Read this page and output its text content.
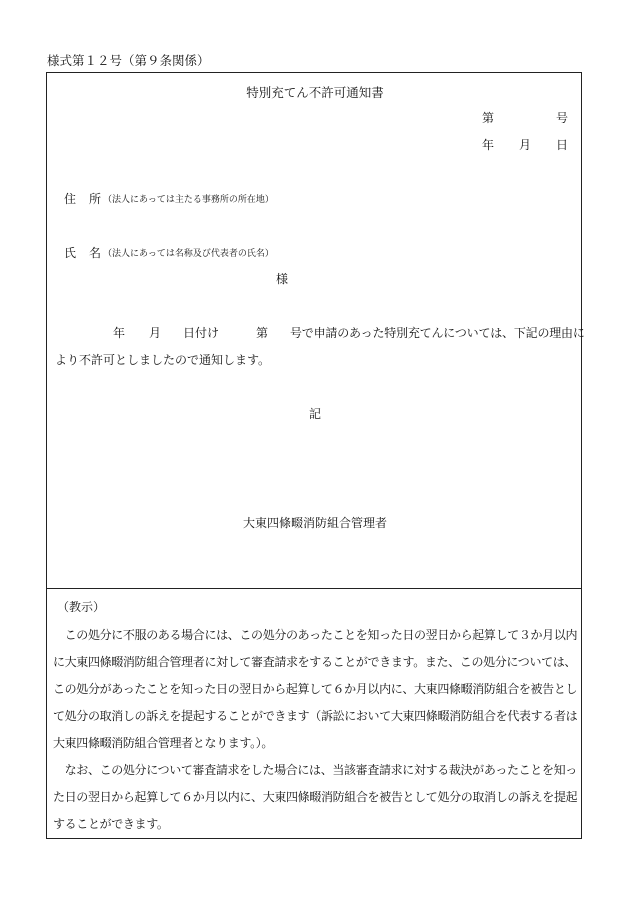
様式第１２号（第９条関係）
特別充てん不許可通知書
第	号
年 月 日
住 所 （法人にあっては主たる事務所の所在地）
氏 名 （法人にあっては名称及び代表者の氏名）
様
年 月 日付け	第 号で申請のあった特別充てんについては、下記の理由に
より不許可としましたので通知します。
記
大東四條畷消防組合管理者
（教示）
　この処分に不服のある場合には、この処分のあったことを知った日の翌日から起算して３か月以内
に大東四條畷消防組合管理者に対して審査請求をすることができます。また、この処分については、
この処分があったことを知った日の翌日から起算して６か月以内に、大東四條畷消防組合を被告とし
て処分の取消しの訴えを提起することができます（訴訟において大東四條畷消防組合を代表する者は
大東四條畷消防組合管理者となります。）。
　なお、この処分について審査請求をした場合には、当該審査請求に対する裁決があったことを知っ
た日の翌日から起算して６か月以内に、大東四條畷消防組合を被告として処分の取消しの訴えを提起
することができます。
